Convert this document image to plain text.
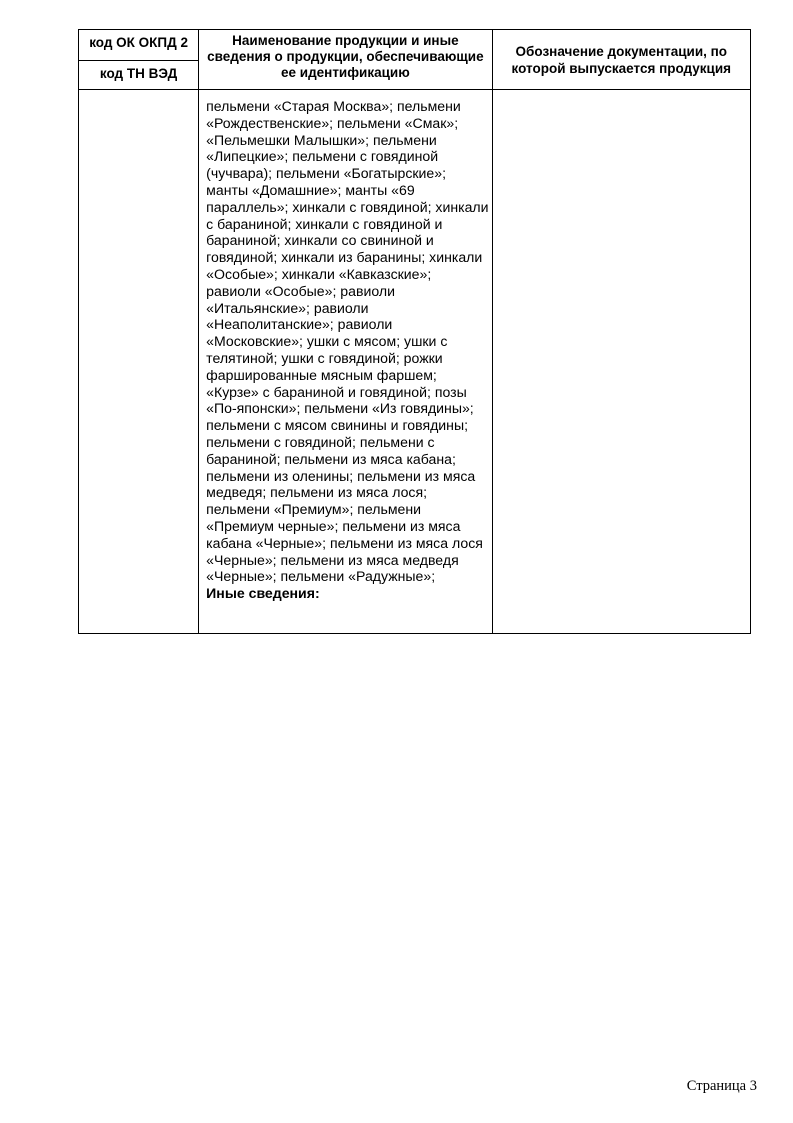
код ОК ОКПД 2	Наименование продукции и иные сведения о продукции, обеспечивающие ее идентификацию	Обозначение документации, по которой выпускается продукция
код ТН ВЭД		

	пельмени «Старая Москва»; пельмени «Рождественские»; пельмени «Смак»; «Пельмешки Малышки»; пельмени «Липецкие»; пельмени с говядиной (чучвара); пельмени «Богатырские»; манты «Домашние»; манты «69 параллель»; хинкали с говядиной; хинкали с бараниной; хинкали с говядиной и бараниной; хинкали со свининой и говядиной; хинкали из баранины; хинкали «Особые»; хинкали «Кавказские»; равиоли «Особые»; равиоли «Итальянские»; равиоли «Неаполитанские»; равиоли «Московские»; ушки с мясом; ушки с телятиной; ушки с говядиной; рожки фаршированные мясным фаршем; «Курзе» с бараниной и говядиной; позы «По-японски»; пельмени «Из говядины»; пельмени с мясом свинины и говядины; пельмени с говядиной; пельмени с бараниной; пельмени из мяса кабана; пельмени из оленины; пельмени из мяса медведя; пельмени из мяса лося; пельмени «Премиум»; пельмени «Премиум черные»; пельмени из мяса кабана «Черные»; пельмени из мяса лося «Черные»; пельмени из мяса медведя «Черные»; пельмени «Радужные»;
Иные сведения:	

Страница 3
